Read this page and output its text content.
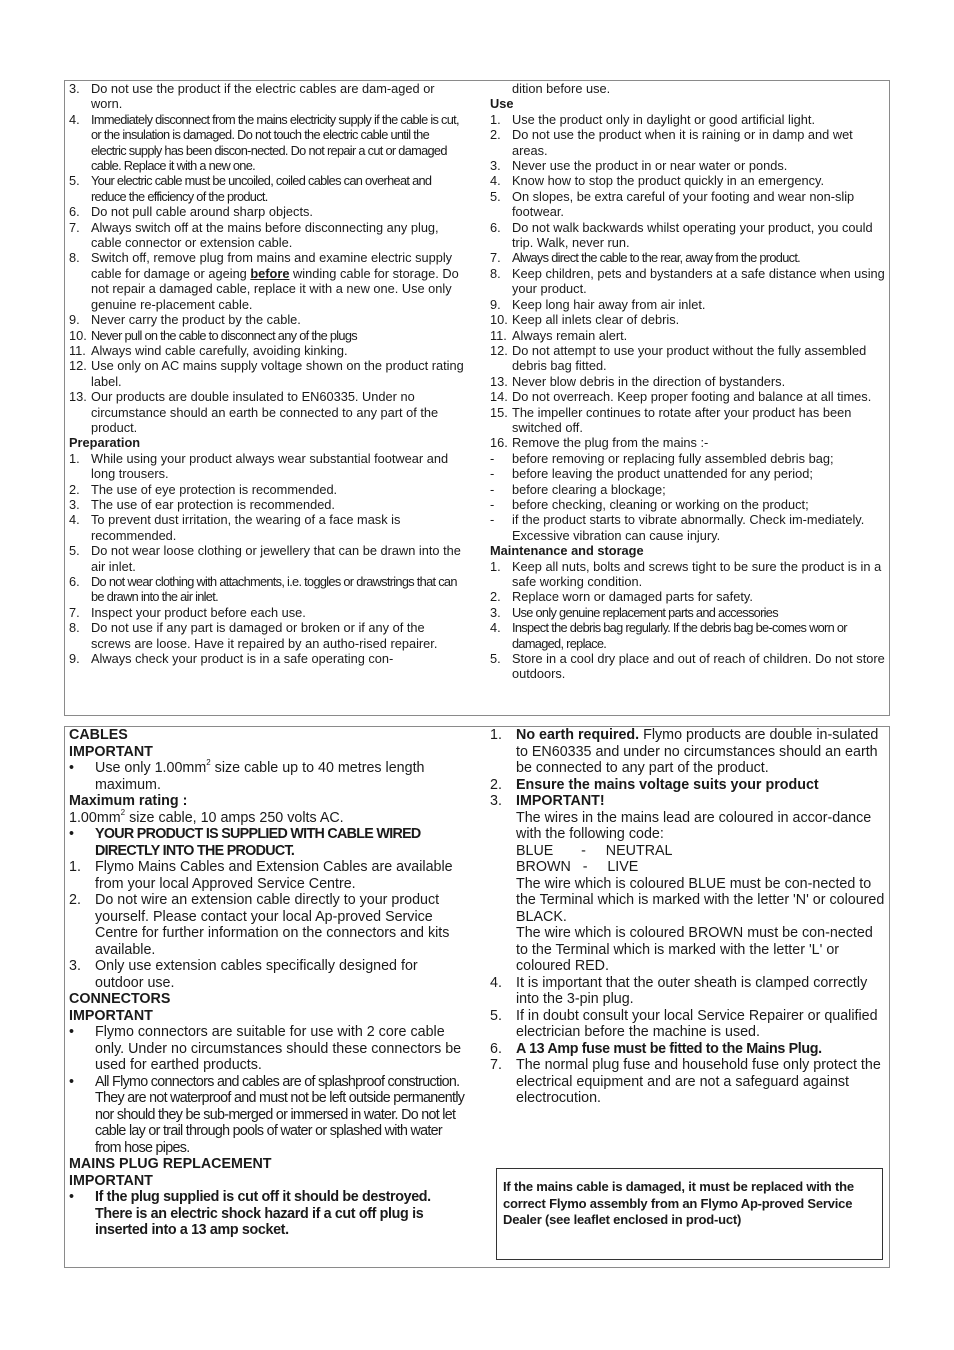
3. Do not use the product if the electric cables are dam-aged or worn.
4. Immediately disconnect from the mains electricity supply if the cable is cut, or the insulation is damaged. Do not touch the electric cable until the electric supply has been discon-nected. Do not repair a cut or damaged cable. Replace it with a new one.
5. Your electric cable must be uncoiled, coiled cables can overheat and reduce the efficiency of the product.
6. Do not pull cable around sharp objects.
7. Always switch off at the mains before disconnecting any plug, cable connector or extension cable.
8. Switch off, remove plug from mains and examine electric supply cable for damage or ageing before winding cable for storage. Do not repair a damaged cable, replace it with a new one. Use only genuine re-placement cable.
9. Never carry the product by the cable.
10. Never pull on the cable to disconnect any of the plugs
11. Always wind cable carefully, avoiding kinking.
12. Use only on AC mains supply voltage shown on the product rating label.
13. Our products are double insulated to EN60335. Under no circumstance should an earth be connected to any part of the product.
Preparation
1. While using your product always wear substantial footwear and long trousers.
2. The use of eye protection is recommended.
3. The use of ear protection is recommended.
4. To prevent dust irritation, the wearing of a face mask is recommended.
5. Do not wear loose clothing or jewellery that can be drawn into the air inlet.
6. Do not wear clothing with attachments, i.e. toggles or drawstrings that can be drawn into the air inlet.
7. Inspect your product before each use.
8. Do not use if any part is damaged or broken or if any of the screws are loose. Have it repaired by an autho-rised repairer.
9. Always check your product is in a safe operating con-
dition before use.
Use
1. Use the product only in daylight or good artificial light.
2. Do not use the product when it is raining or in damp and wet areas.
3. Never use the product in or near water or ponds.
4. Know how to stop the product quickly in an emergency.
5. On slopes, be extra careful of your footing and wear non-slip footwear.
6. Do not walk backwards whilst operating your product, you could trip. Walk, never run.
7. Always direct the cable to the rear, away from the product.
8. Keep children, pets and bystanders at a safe distance when using your product.
9. Keep long hair away from air inlet.
10. Keep all inlets clear of debris.
11. Always remain alert.
12. Do not attempt to use your product without the fully assembled debris bag fitted.
13. Never blow debris in the direction of bystanders.
14. Do not overreach. Keep proper footing and balance at all times.
15. The impeller continues to rotate after your product has been switched off.
16. Remove the plug from the mains :-
-	before removing or replacing fully assembled debris bag;
-	before leaving the product unattended for any period;
-	before clearing a blockage;
-	before checking, cleaning or working on the product;
-	if the product starts to vibrate abnormally. Check im-mediately. Excessive vibration can cause injury.
Maintenance and storage
1. Keep all nuts, bolts and screws tight to be sure the product is in a safe working condition.
2. Replace worn or damaged parts for safety.
3. Use only genuine replacement parts and accessories
4. Inspect the debris bag regularly. If the debris bag be-comes worn or damaged, replace.
5. Store in a cool dry place and out of reach of children. Do not store outdoors.
CABLES
IMPORTANT
•	Use only $1.00mm^2$ size cable up to 40 metres length maximum.
Maximum rating :
$1.00mm^2$ size cable, 10 amps 250 volts AC.
•	YOUR PRODUCT IS SUPPLIED WITH CABLE WIRED DIRECTLY INTO THE PRODUCT.
1. Flymo Mains Cables and Extension Cables are available from your local Approved Service Centre.
2. Do not wire an extension cable directly to your product yourself. Please contact your local Ap-proved Service Centre for further information on the connectors and kits available.
3. Only use extension cables specifically designed for outdoor use.
CONNECTORS
IMPORTANT
•	Flymo connectors are suitable for use with 2 core cable only. Under no circumstances should these connectors be used for earthed products.
•	All Flymo connectors and cables are of splashproof construction. They are not waterproof and must not be left outside permanently nor should they be sub-merged or immersed in water. Do not let cable lay or trail through pools of water or splashed with water from hose pipes.
MAINS PLUG REPLACEMENT
IMPORTANT
•	If the plug supplied is cut off it should be destroyed. There is an electric shock hazard if a cut off plug is inserted into a 13 amp socket.
1. No earth required. Flymo products are double in-sulated to EN60335 and under no circumstances should an earth be connected to any part of the product.
2. Ensure the mains voltage suits your product
3. IMPORTANT!
The wires in the mains lead are coloured in accor-dance with the following code:
BLUE       -     NEUTRAL
BROWN   -     LIVE
The wire which is coloured BLUE must be con-nected to the Terminal which is marked with the letter 'N' or coloured BLACK.
The wire which is coloured BROWN must be con-nected to the Terminal which is marked with the letter 'L' or coloured RED.
4. It is important that the outer sheath is clamped correctly into the 3-pin plug.
5. If in doubt consult your local Service Repairer or qualified electrician before the machine is used.
6. A 13 Amp fuse must be fitted to the Mains Plug.
7. The normal plug fuse and household fuse only protect the electrical equipment and are not a safeguard against electrocution.
If the mains cable is damaged, it must be replaced with the correct Flymo assembly from an Flymo Ap-proved Service Dealer (see leaflet enclosed in prod-uct)
